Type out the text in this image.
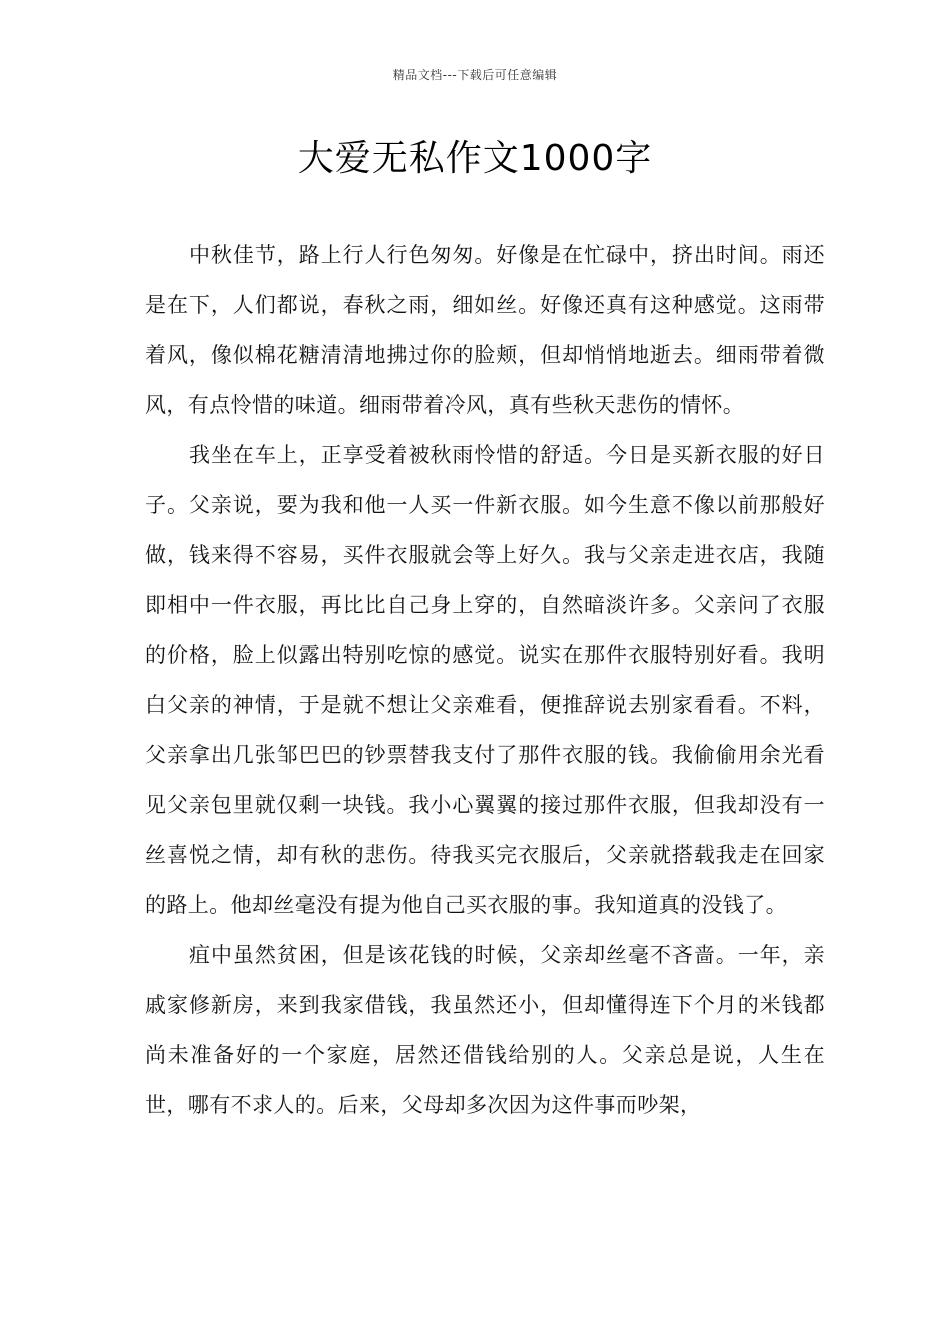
精品文档---下载后可任意编辑
大爱无私作文1000字

中秋佳节，路上行人行色匆匆。好像是在忙碌中，挤出时间。雨还是在下，人们都说，春秋之雨，细如丝。好像还真有这种感觉。这雨带着风，像似棉花糖清清地拂过你的脸颊，但却悄悄地逝去。细雨带着微风，有点怜惜的味道。细雨带着冷风，真有些秋天悲伤的情怀。

我坐在车上，正享受着被秋雨怜惜的舒适。今日是买新衣服的好日子。父亲说，要为我和他一人买一件新衣服。如今生意不像以前那般好做，钱来得不容易，买件衣服就会等上好久。我与父亲走进衣店，我随即相中一件衣服，再比比自己身上穿的，自然暗淡许多。父亲问了衣服的价格，脸上似露出特别吃惊的感觉。说实在那件衣服特别好看。我明白父亲的神情，于是就不想让父亲难看，便推辞说去别家看看。不料，父亲拿出几张邹巴巴的钞票替我支付了那件衣服的钱。我偷偷用余光看见父亲包里就仅剩一块钱。我小心翼翼的接过那件衣服，但我却没有一丝喜悦之情，却有秋的悲伤。待我买完衣服后，父亲就搭载我走在回家的路上。他却丝毫没有提为他自己买衣服的事。我知道真的没钱了。

疽中虽然贫困，但是该花钱的时候，父亲却丝毫不吝啬。一年，亲戚家修新房，来到我家借钱，我虽然还小，但却懂得连下个月的米钱都尚未准备好的一个家庭，居然还借钱给别的人。父亲总是说，人生在世，哪有不求人的。后来，父母却多次因为这件事而吵架，
